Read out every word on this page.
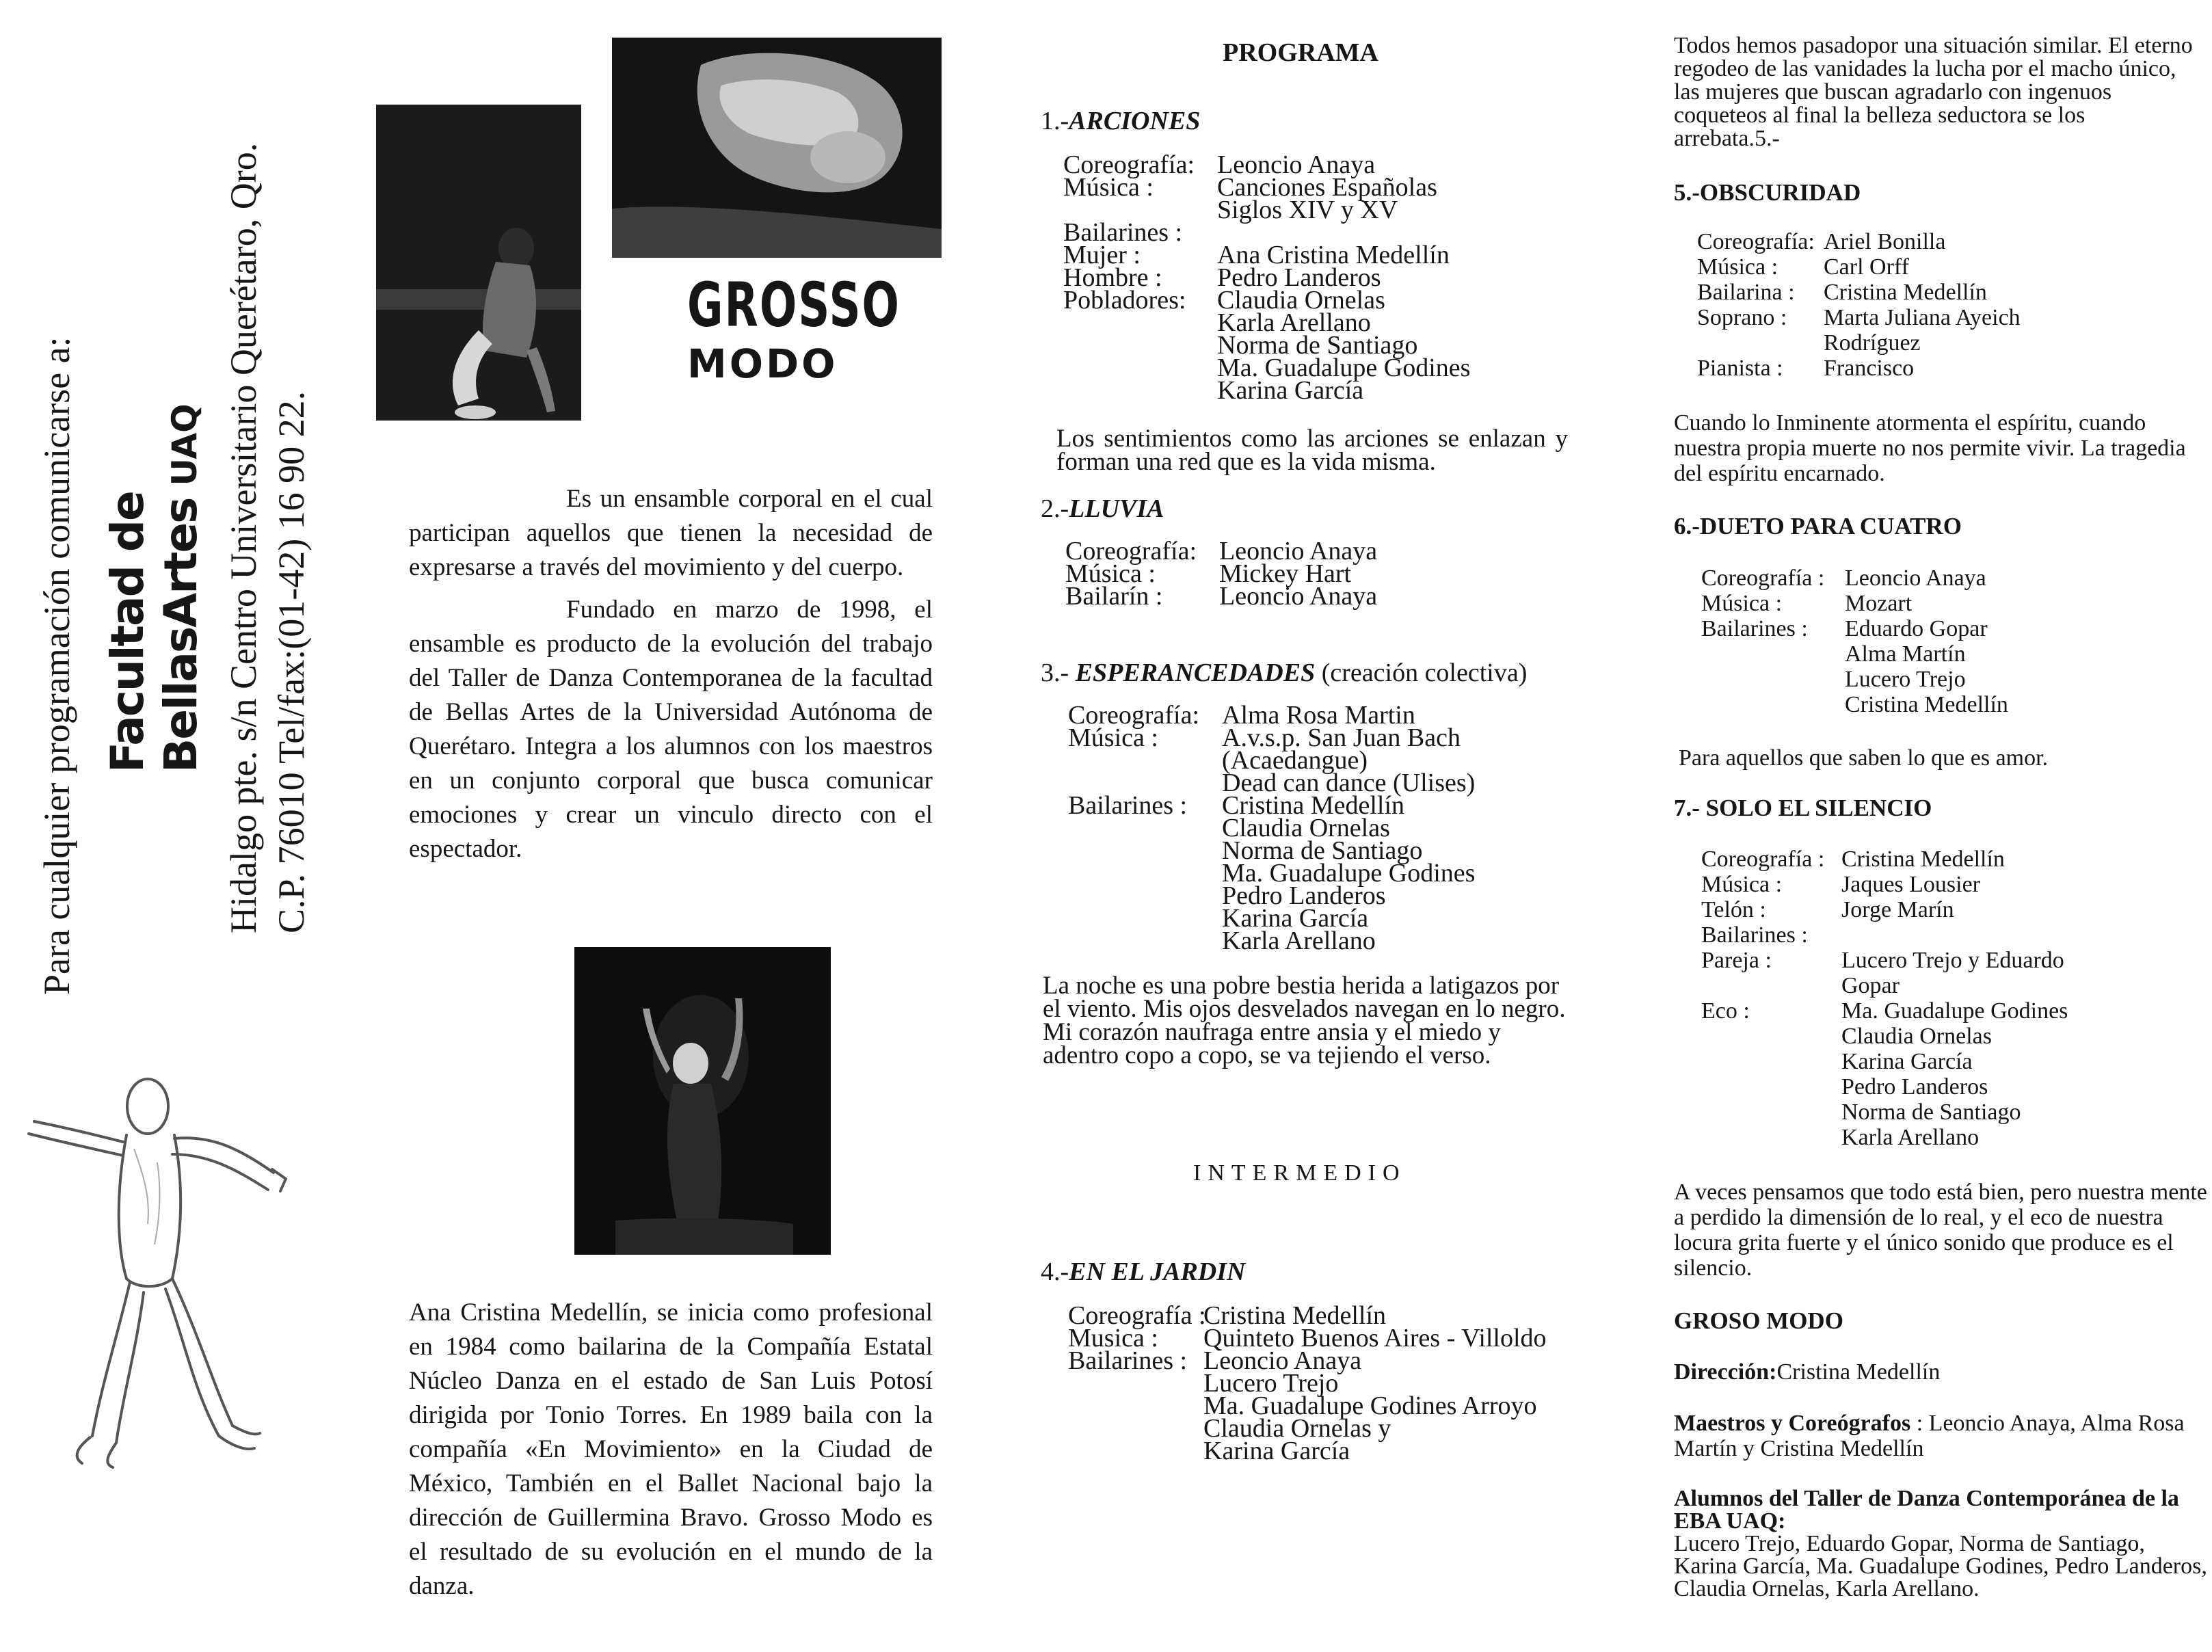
Para cualquier programación comunicarse a: Facultad de BellasArtesUAQ Hidalgo pte. s/n Centro Universitario Querétaro, Qro. C.P. 76010 Tel/fax:(01-42) 16 90 22.
GROSSO
MODO

Es un ensamble corporal en el cual participan aquellos que tienen la necesidad de expresarse a través del movimiento y del cuerpo.

Fundado en marzo de 1998, el ensamble es producto de la evolución del trabajo del Taller de Danza Contemporanea de la facultad de Bellas Artes de la Universidad Autónoma de Querétaro. Integra a los alumnos con los maestros en un conjunto corporal que busca comunicar emociones y crear un vinculo directo con el espectador.

Ana Cristina Medellín, se inicia como profesional en 1984 como bailarina de la Compañía Estatal Núcleo Danza en el estado de San Luis Potosí dirigida por Tonio Torres. En 1989 baila con la compañía «En Movimiento» en la Ciudad de México, También en el Ballet Nacional bajo la dirección de Guillermina Bravo. Grosso Modo es el resultado de su evolución en el mundo de la danza.

PROGRAMA
1.-ARCIONES
Coreografía: Leoncio Anaya
Música : Canciones Españolas
Siglos XIV y XV
Bailarines :
Mujer :	Ana Cristina Medellín
Hombre : Pedro Landeros
Pobladores: Claudia Ornelas
Karla Arellano
Norma de Santiago
Ma. Guadalupe Godines
Karina García
Los sentimientos como las arciones se enlazan y forman una red que es la vida misma.
2.-LLUVIA
Coreografía: Leoncio Anaya
Música : Mickey Hart
Bailarín : Leoncio Anaya
3.- ESPERANCEDADES (creación colectiva)
Coreografía: Alma Rosa Martin
Música : A.v.s.p. San Juan Bach
(Acaedangue)
Dead can dance (Ulises)
Bailarines : Cristina Medellín
Claudia Ornelas
Norma de Santiago
Ma. Guadalupe Godines
Pedro Landeros
Karina García
Karla Arellano
La noche es una pobre bestia herida a latigazos por el viento. Mis ojos desvelados navegan en lo negro. Mi corazón naufraga entre ansia y el miedo y adentro copo a copo, se va tejiendo el verso.
INTERMEDIO
4.-EN EL JARDIN
Coreografía :Cristina Medellín
Musica : Quinteto Buenos Aires - Villoldo
Bailarines : Leoncio Anaya
Lucero Trejo
Ma. Guadalupe Godines Arroyo
Claudia Ornelas y
Karina García
Todos hemos pasadopor una situación similar. El eterno regodeo de las vanidades la lucha por el macho único, las mujeres que buscan agradarlo con ingenuos coqueteos al final la belleza seductora se los arrebata.5.-
5.-OBSCURIDAD
Coreografía: Ariel Bonilla
Música : Carl Orff
Bailarina : Cristina Medellín
Soprano : Marta Juliana Ayeich
Rodríguez
Pianista : Francisco
Cuando lo Inminente atormenta el espíritu, cuando nuestra propia muerte no nos permite vivir. La tragedia del espíritu encarnado.
6.-DUETO PARA CUATRO
Coreografía : Leoncio Anaya
Música :	Mozart
Bailarines : Eduardo Gopar
Alma Martín
Lucero Trejo
Cristina Medellín
Para aquellos que saben lo que es amor.
7.- SOLO EL SILENCIO
Coreografía : Cristina Medellín
Música :	Jaques Lousier
Telón :	Jorge Marín
Bailarines :
Pareja :	Lucero Trejo y Eduardo
Gopar
Eco :	Ma. Guadalupe Godines
Claudia Ornelas
Karina García
Pedro Landeros
Norma de Santiago
Karla Arellano
A veces pensamos que todo está bien, pero nuestra mente a perdido la dimensión de lo real, y el eco de nuestra locura grita fuerte y el único sonido que produce es el silencio.
GROSO MODO
Dirección:Cristina Medellín
Maestros y Coreógrafos : Leoncio Anaya, Alma Rosa Martín y Cristina Medellín
Alumnos del Taller de Danza Contemporánea de la EBA UAQ:
Lucero Trejo, Eduardo Gopar, Norma de Santiago, Karina García, Ma. Guadalupe Godines, Pedro Landeros, Claudia Ornelas, Karla Arellano.
